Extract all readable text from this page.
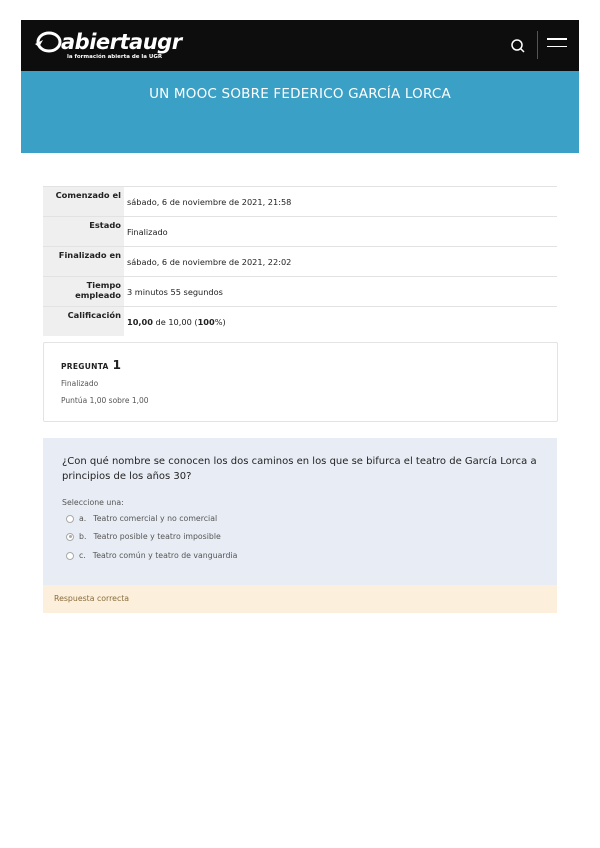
abiertaugr
la formación abierta de la UGR
UN MOOC SOBRE FEDERICO GARCÍA LORCA
Comenzado el	sábado, 6 de noviembre de 2021, 21:58
Estado	Finalizado
Finalizado en	sábado, 6 de noviembre de 2021, 22:02
Tiempo empleado	3 minutos 55 segundos
Calificación	10,00 de 10,00 (100%)
PREGUNTA 1
Finalizado
Puntúa 1,00 sobre 1,00
¿Con qué nombre se conocen los dos caminos en los que se bifurca el teatro de García Lorca a principios de los años 30?
Seleccione una:
a. Teatro comercial y no comercial
b. Teatro posible y teatro imposible
c. Teatro común y teatro de vanguardia
Respuesta correcta
